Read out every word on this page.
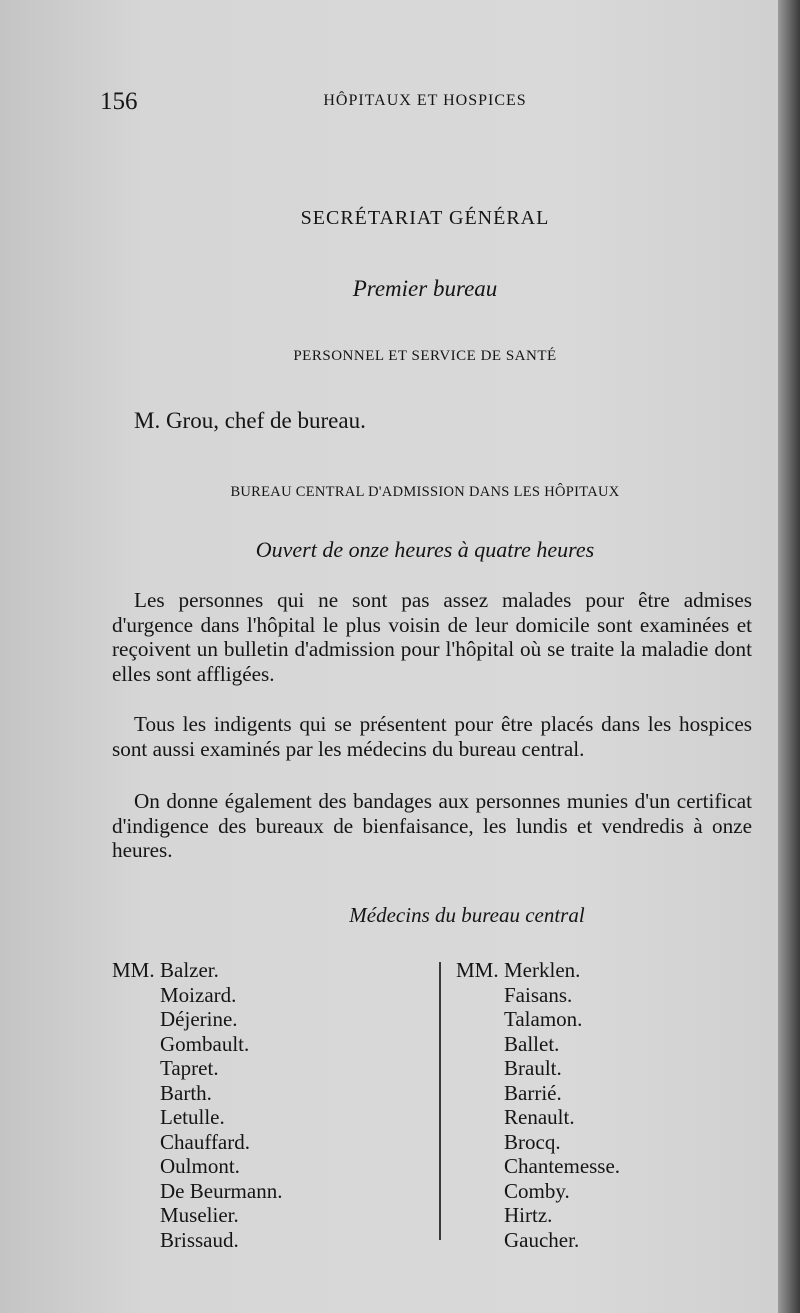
156	HÔPITAUX ET HOSPICES
SECRÉTARIAT GÉNÉRAL
Premier bureau
PERSONNEL ET SERVICE DE SANTÉ
M. Grou, chef de bureau.
BUREAU CENTRAL D'ADMISSION DANS LES HÔPITAUX
Ouvert de onze heures à quatre heures

Les personnes qui ne sont pas assez malades pour être admises d'urgence dans l'hôpital le plus voisin de leur domicile sont examinées et reçoivent un bulletin d'admission pour l'hôpital où se traite la maladie dont elles sont affligées.

Tous les indigents qui se présentent pour être placés dans les hospices sont aussi examinés par les médecins du bureau central.

On donne également des bandages aux personnes munies d'un certificat d'indigence des bureaux de bienfaisance, les lundis et vendredis à onze heures.

Médecins du bureau central
MM. Balzer.
Moizard.
Déjerine.
Gombault.
Tapret.
Barth.
Letulle.
Chauffard.
Oulmont.
De Beurmann.
Muselier.
Brissaud.
MM. Merklen.
Faisans.
Talamon.
Ballet.
Brault.
Barrié.
Renault.
Brocq.
Chantemesse.
Comby.
Hirtz.
Gaucher.
